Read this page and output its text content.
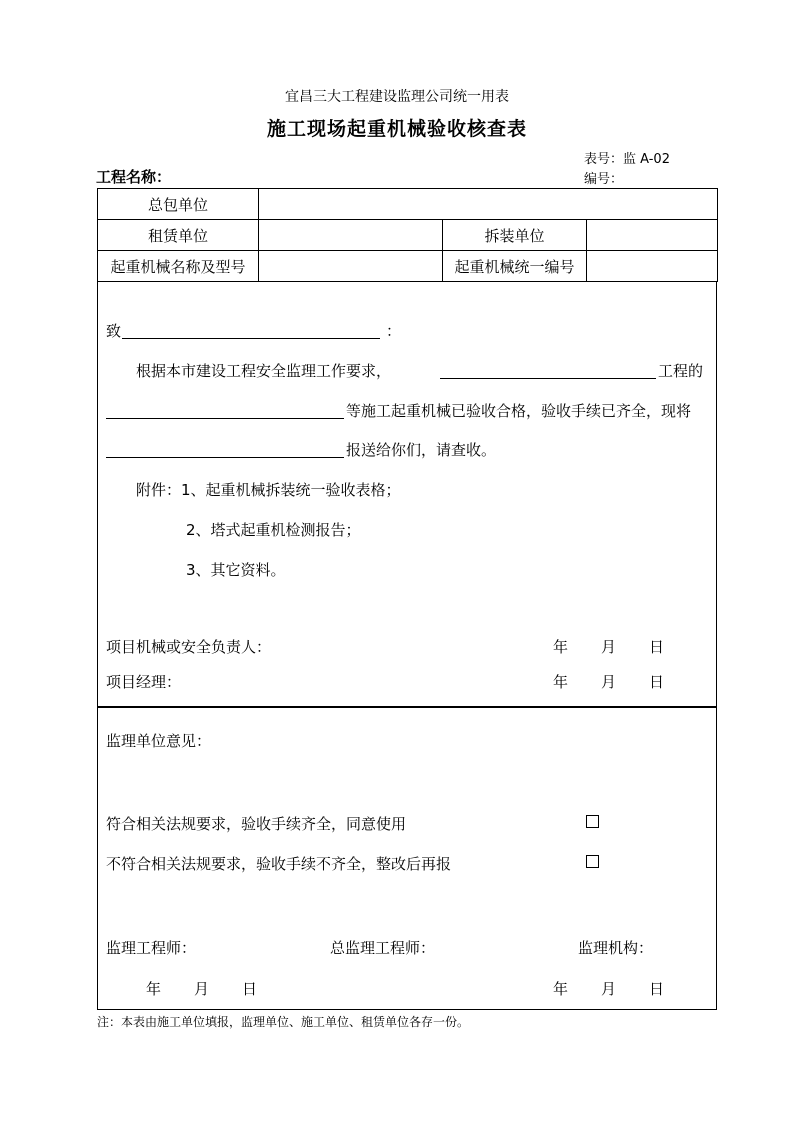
宜昌三大工程建设监理公司统一用表
施工现场起重机械验收核查表
表号：监 A-02
编号：
工程名称：
总包单位			
租赁单位		拆装单位	
起重机械名称及型号		起重机械统一编号	
致	：
根据本市建设工程安全监理工作要求，	工程的
等施工起重机械已验收合格，验收手续已齐全，现将
报送给你们，请查收。
附件：1、起重机械拆装统一验收表格；
2、塔式起重机检测报告；
3、其它资料。
项目机械或安全负责人：	年 月 日
项目经理：	年 月 日
监理单位意见：
符合相关法规要求，验收手续齐全，同意使用
不符合相关法规要求，验收手续不齐全，整改后再报
监理工程师：	总监理工程师：	监理机构：
年 月 日	年 月 日
注：本表由施工单位填报，监理单位、施工单位、租赁单位各存一份。
